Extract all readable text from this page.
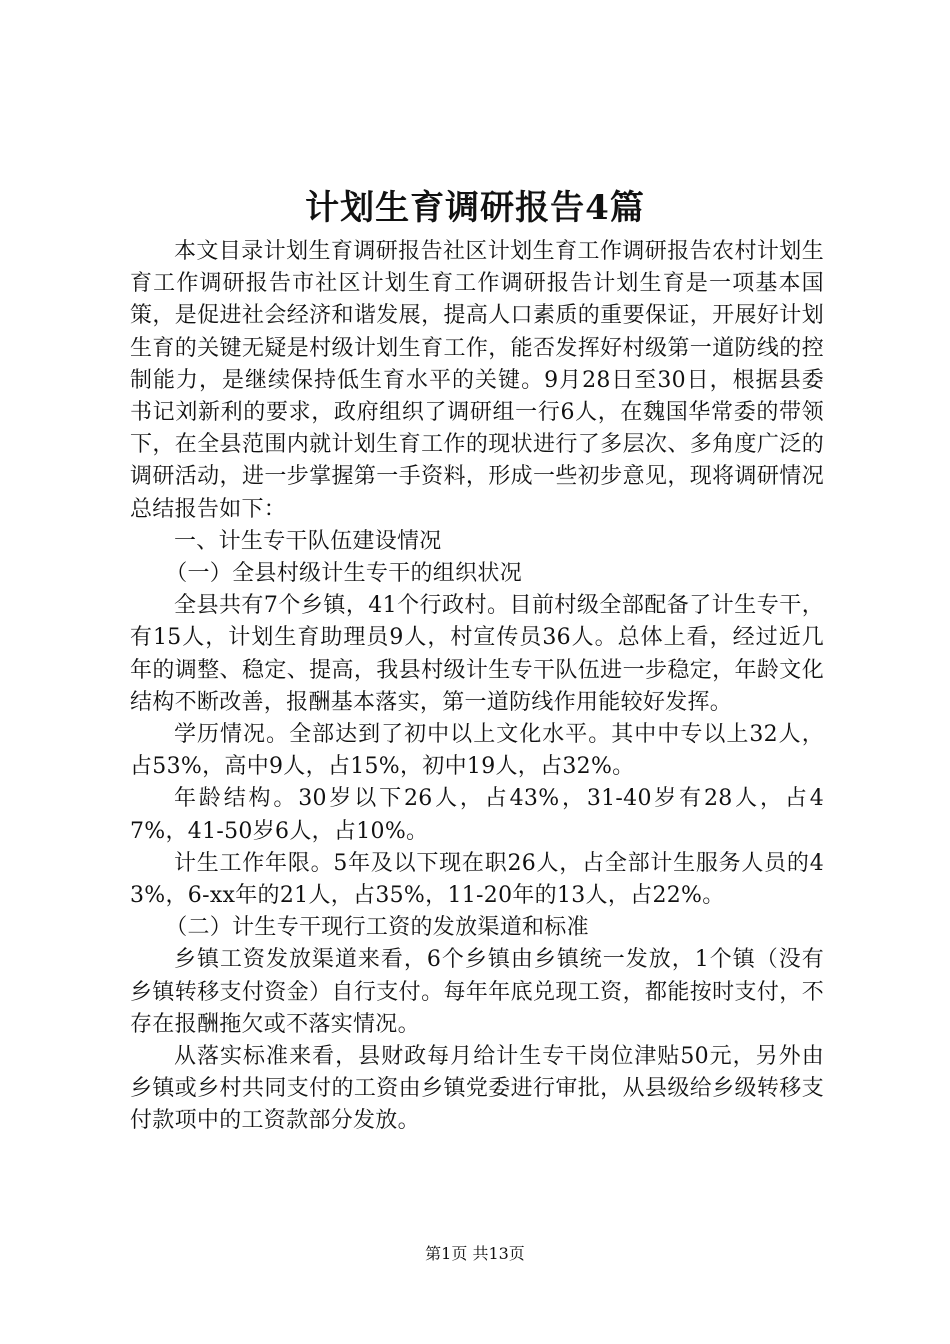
计划生育调研报告4篇

本文目录计划生育调研报告社区计划生育工作调研报告农村计划生育工作调研报告市社区计划生育工作调研报告计划生育是一项基本国策，是促进社会经济和谐发展，提高人口素质的重要保证，开展好计划生育的关键无疑是村级计划生育工作，能否发挥好村级第一道防线的控制能力，是继续保持低生育水平的关键。9月28日至30日，根据县委书记刘新利的要求，政府组织了调研组一行6人，在魏国华常委的带领下，在全县范围内就计划生育工作的现状进行了多层次、多角度广泛的调研活动，进一步掌握第一手资料，形成一些初步意见，现将调研情况总结报告如下：

一、计生专干队伍建设情况

（一）全县村级计生专干的组织状况

全县共有7个乡镇，41个行政村。目前村级全部配备了计生专干，有15人，计划生育助理员9人，村宣传员36人。总体上看，经过近几年的调整、稳定、提高，我县村级计生专干队伍进一步稳定，年龄文化结构不断改善，报酬基本落实，第一道防线作用能较好发挥。

学历情况。全部达到了初中以上文化水平。其中中专以上32人，占53%，高中9人，占15%，初中19人，占32%。

年龄结构。30岁以下26人，占43%，31-40岁有28人，占47%，41-50岁6人，占10%。

计生工作年限。5年及以下现在职26人，占全部计生服务人员的43%，6-xx年的21人，占35%，11-20年的13人，占22%。

（二）计生专干现行工资的发放渠道和标准

乡镇工资发放渠道来看，6个乡镇由乡镇统一发放，1个镇（没有乡镇转移支付资金）自行支付。每年年底兑现工资，都能按时支付，不存在报酬拖欠或不落实情况。

从落实标准来看，县财政每月给计生专干岗位津贴50元，另外由乡镇或乡村共同支付的工资由乡镇党委进行审批，从县级给乡级转移支付款项中的工资款部分发放。

第1页 共13页
